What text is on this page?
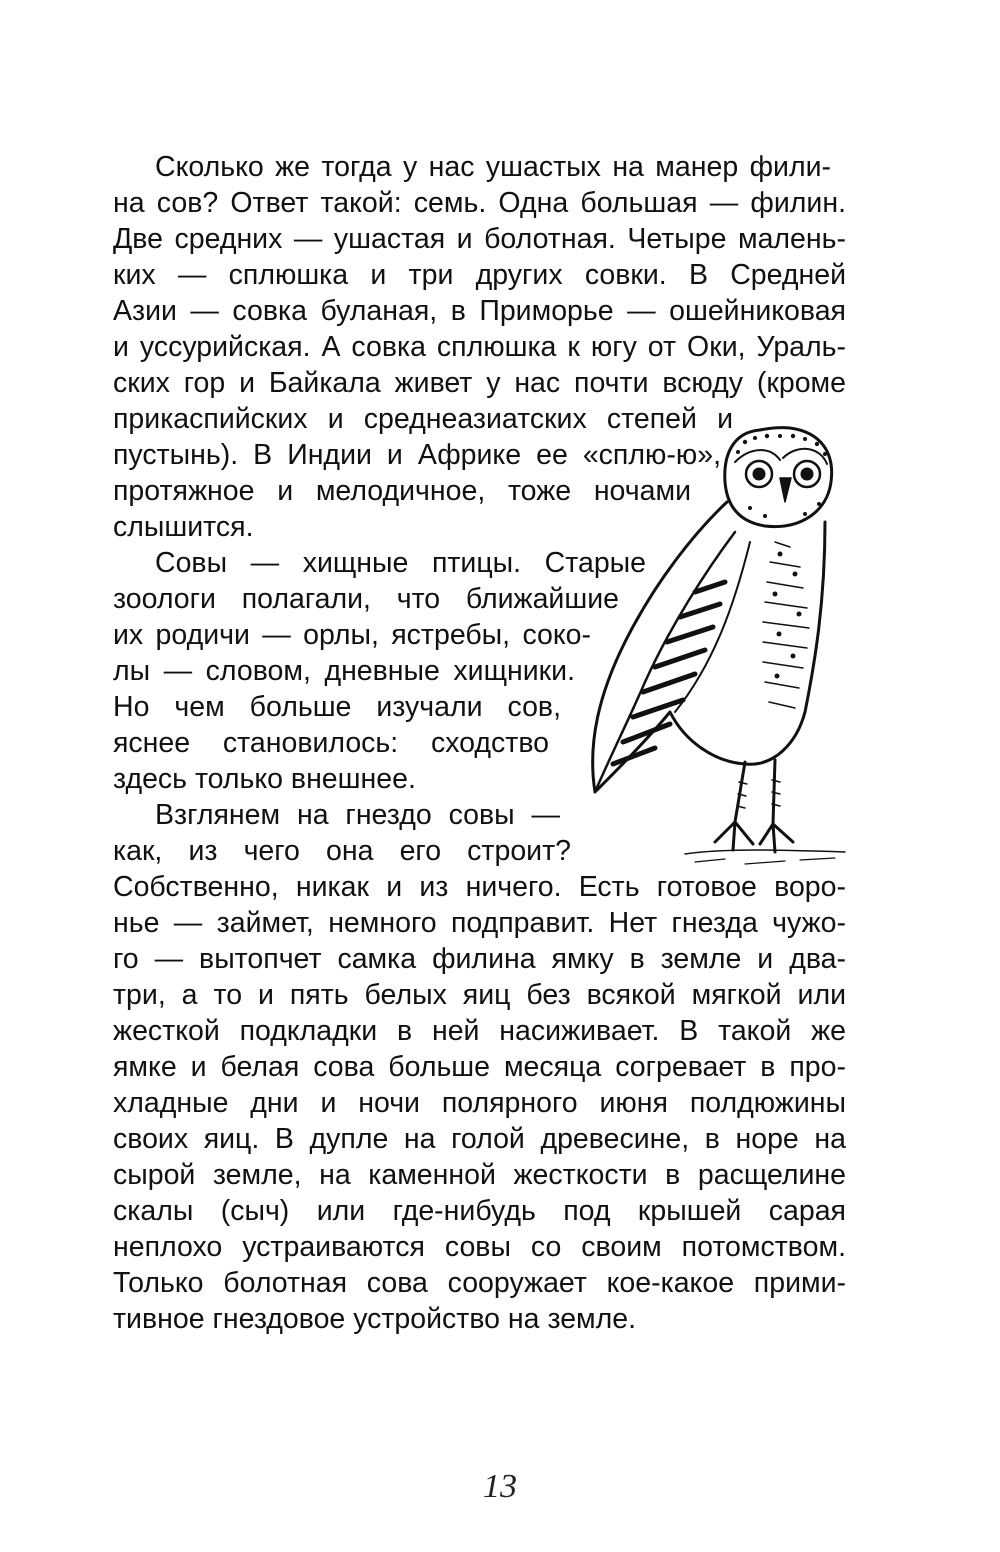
Сколько же тогда у нас ушастых на манер фили-
на сов? Ответ такой: семь. Одна большая — филин.
Две средних — ушастая и болотная. Четыре малень-
ких — сплюшка и три других совки. В Средней
Азии — совка буланая, в Приморье — ошейниковая
и уссурийская. А совка сплюшка к югу от Оки, Ураль-
ских гор и Байкала живет у нас почти всюду (кроме
прикаспийских и среднеазиатских степей и
пустынь). В Индии и Африке ее «сплю-ю»,
протяжное и мелодичное, тоже ночами
слышится.
Совы — хищные птицы. Старые
зоологи полагали, что ближайшие
их родичи — орлы, ястребы, соко-
лы — словом, дневные хищники.
Но чем больше изучали сов,
яснее становилось: сходство
здесь только внешнее.
Взглянем на гнездо совы —
как, из чего она его строит?
Собственно, никак и из ничего. Есть готовое воро-
нье — займет, немного подправит. Нет гнезда чужо-
го — вытопчет самка филина ямку в земле и два-
три, а то и пять белых яиц без всякой мягкой или
жесткой подкладки в ней насиживает. В такой же
ямке и белая сова больше месяца согревает в про-
хладные дни и ночи полярного июня полдюжины
своих яиц. В дупле на голой древесине, в норе на
сырой земле, на каменной жесткости в расщелине
скалы (сыч) или где-нибудь под крышей сарая
неплохо устраиваются совы со своим потомством.
Только болотная сова сооружает кое-какое прими-
тивное гнездовое устройство на земле.
13
